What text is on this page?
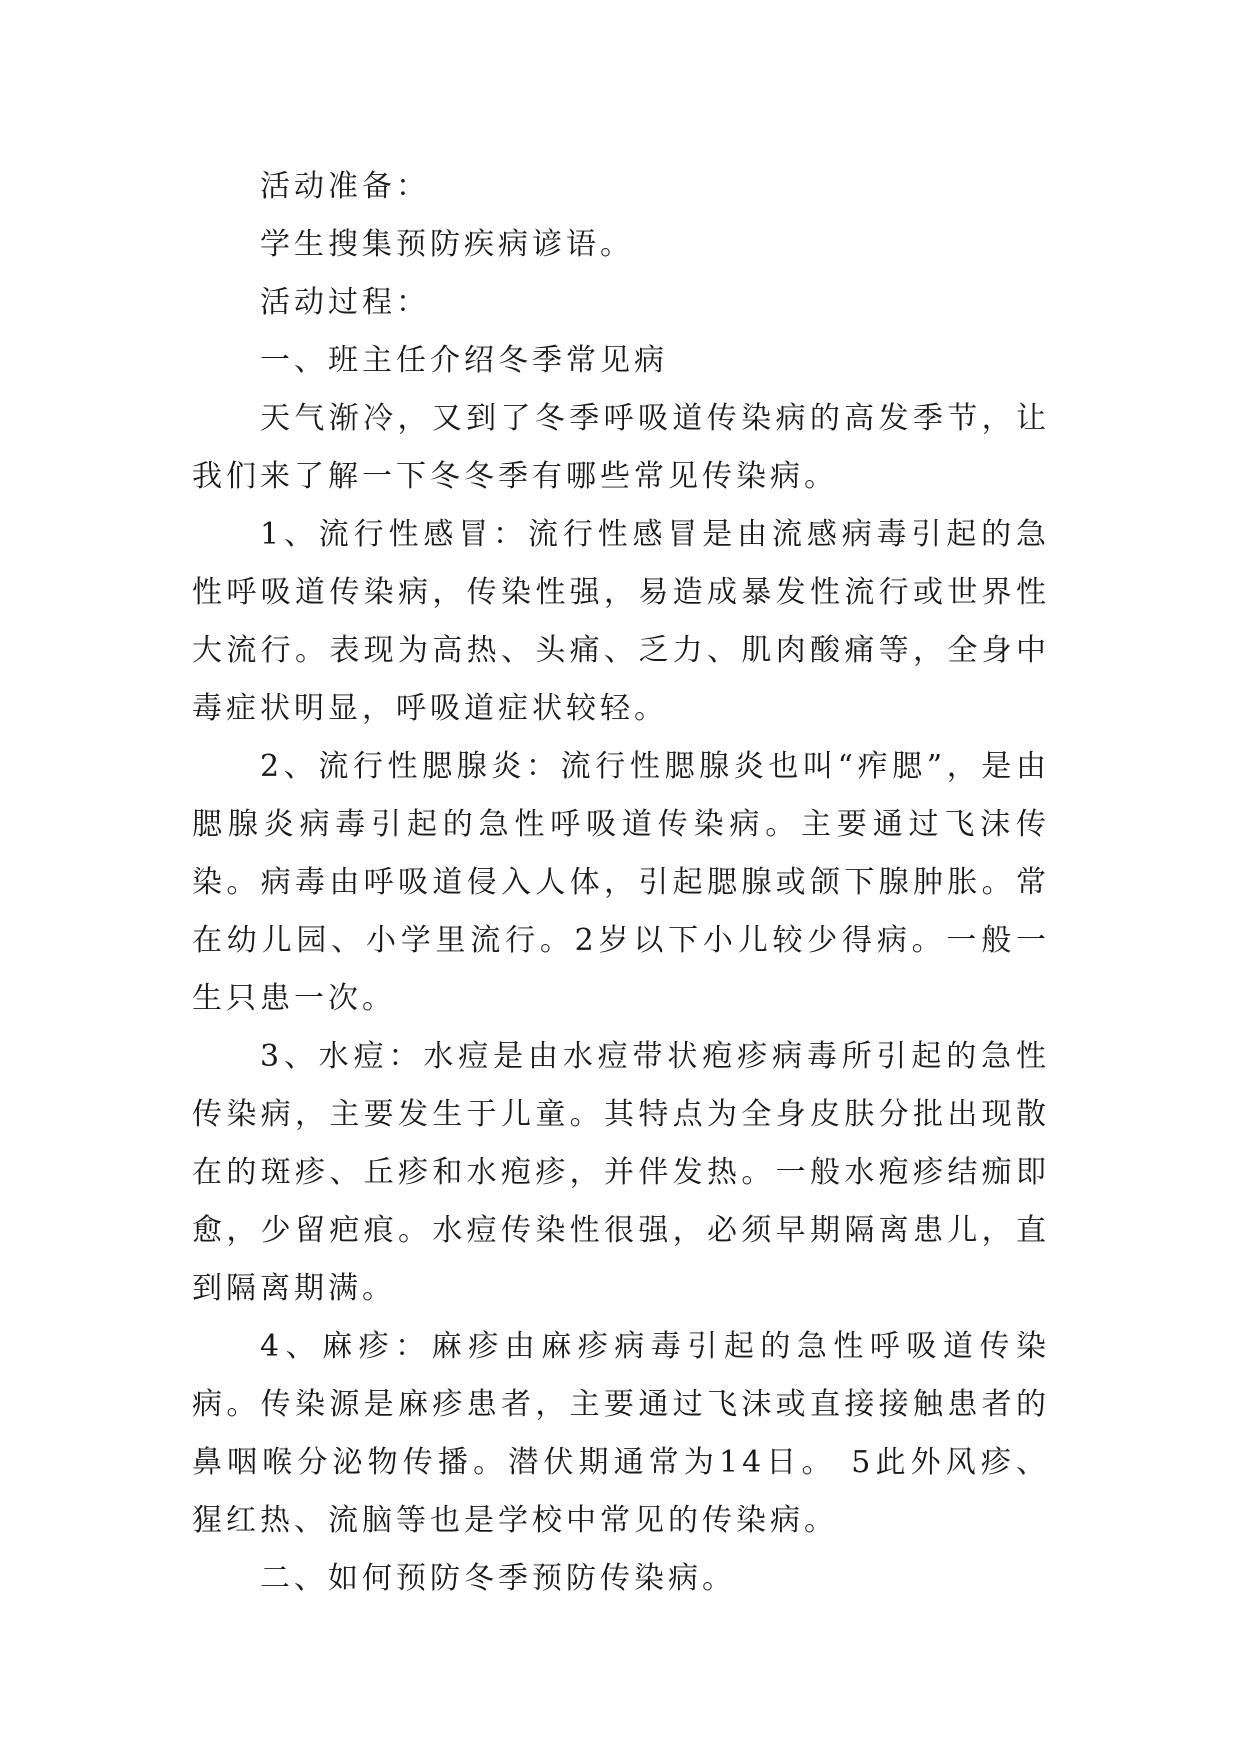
活动准备：

学生搜集预防疾病谚语。

活动过程：

一、班主任介绍冬季常见病

天气渐冷，又到了冬季呼吸道传染病的高发季节，让我们来了解一下冬冬季有哪些常见传染病。

1、流行性感冒：流行性感冒是由流感病毒引起的急性呼吸道传染病，传染性强，易造成暴发性流行或世界性大流行。表现为高热、头痛、乏力、肌肉酸痛等，全身中毒症状明显，呼吸道症状较轻。

2、流行性腮腺炎：流行性腮腺炎也叫“痄腮”，是由腮腺炎病毒引起的急性呼吸道传染病。主要通过飞沫传染。病毒由呼吸道侵入人体，引起腮腺或颌下腺肿胀。常在幼儿园、小学里流行。2岁以下小儿较少得病。一般一生只患一次。

3、水痘：水痘是由水痘带状疱疹病毒所引起的急性传染病，主要发生于儿童。其特点为全身皮肤分批出现散在的斑疹、丘疹和水疱疹，并伴发热。一般水疱疹结痂即愈，少留疤痕。水痘传染性很强，必须早期隔离患儿，直到隔离期满。

4、麻疹：麻疹由麻疹病毒引起的急性呼吸道传染病。传染源是麻疹患者，主要通过飞沫或直接接触患者的鼻咽喉分泌物传播。潜伏期通常为14日。 5此外风疹、猩红热、流脑等也是学校中常见的传染病。

二、如何预防冬季预防传染病。
